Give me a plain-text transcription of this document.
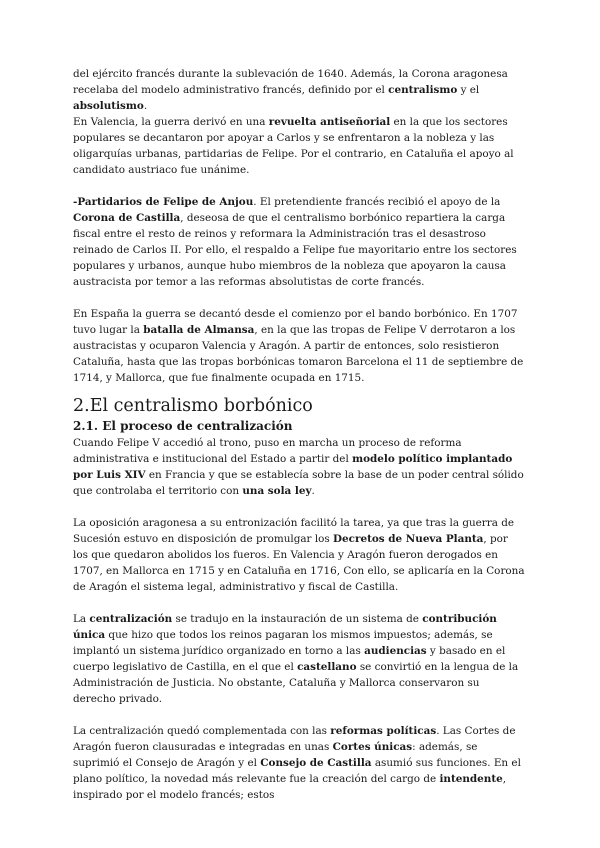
del ejército francés durante la sublevación de 1640. Además, la Corona aragonesa recelaba del modelo administrativo francés, definido por el centralismo y el absolutismo.

En Valencia, la guerra derivó en una revuelta antiseñorial en la que los sectores populares se decantaron por apoyar a Carlos y se enfrentaron a la nobleza y las oligarquías urbanas, partidarias de Felipe. Por el contrario, en Cataluña el apoyo al candidato austriaco fue unánime.

-Partidarios de Felipe de Anjou. El pretendiente francés recibió el apoyo de la Corona de Castilla, deseosa de que el centralismo borbónico repartiera la carga fiscal entre el resto de reinos y reformara la Administración tras el desastroso reinado de Carlos II. Por ello, el respaldo a Felipe fue mayoritario entre los sectores populares y urbanos, aunque hubo miembros de la nobleza que apoyaron la causa austracista por temor a las reformas absolutistas de corte francés.

En España la guerra se decantó desde el comienzo por el bando borbónico. En 1707 tuvo lugar la batalla de Almansa, en la que las tropas de Felipe V derrotaron a los austracistas y ocuparon Valencia y Aragón. A partir de entonces, solo resistieron Cataluña, hasta que las tropas borbónicas tomaron Barcelona el 11 de septiembre de 1714, y Mallorca, que fue finalmente ocupada en 1715.

2.El centralismo borbónico
2.1. El proceso de centralización

Cuando Felipe V accedió al trono, puso en marcha un proceso de reforma administrativa e institucional del Estado a partir del modelo político implantado por Luis XIV en Francia y que se establecía sobre la base de un poder central sólido que controlaba el territorio con una sola ley.

La oposición aragonesa a su entronización facilitó la tarea, ya que tras la guerra de Sucesión estuvo en disposición de promulgar los Decretos de Nueva Planta, por los que quedaron abolidos los fueros. En Valencia y Aragón fueron derogados en 1707, en Mallorca en 1715 y en Cataluña en 1716, Con ello, se aplicaría en la Corona de Aragón el sistema legal, administrativo y fiscal de Castilla.

La centralización se tradujo en la instauración de un sistema de contribución única que hizo que todos los reinos pagaran los mismos impuestos; además, se implantó un sistema jurídico organizado en torno a las audiencias y basado en el cuerpo legislativo de Castilla, en el que el castellano se convirtió en la lengua de la Administración de Justicia. No obstante, Cataluña y Mallorca conservaron su derecho privado.

La centralización quedó complementada con las reformas políticas. Las Cortes de Aragón fueron clausuradas e integradas en unas Cortes únicas: además, se suprimió el Consejo de Aragón y el Consejo de Castilla asumió sus funciones. En el plano político, la novedad más relevante fue la creación del cargo de intendente, inspirado por el modelo francés; estos
